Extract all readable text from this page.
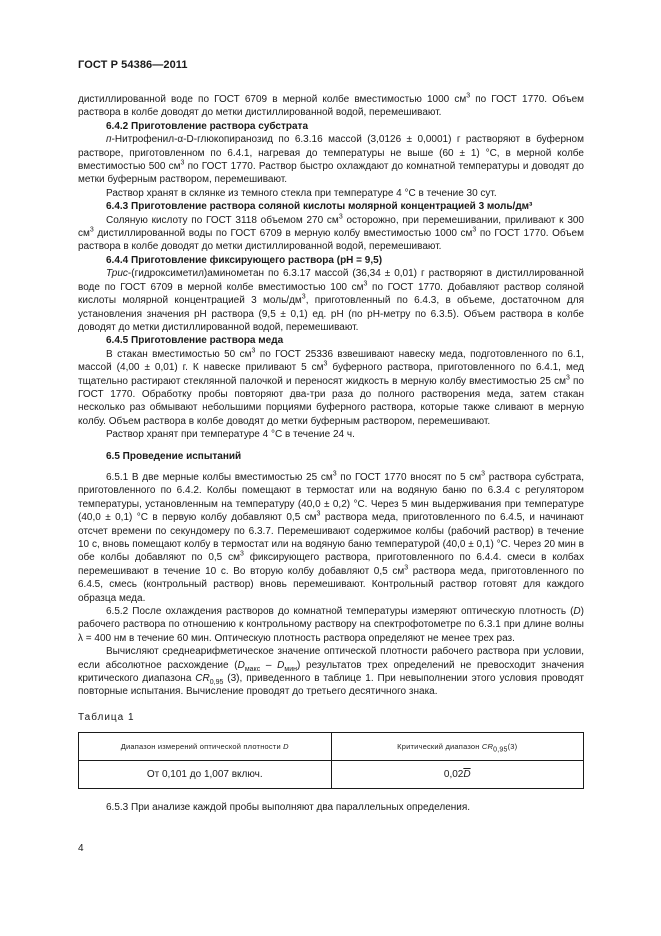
ГОСТ Р 54386—2011

дистиллированной воде по ГОСТ 6709 в мерной колбе вместимостью 1000 $см^3$ по ГОСТ 1770. Объем раствора в колбе доводят до метки дистиллированной водой, перемешивают.

6.4.2 Приготовление раствора субстрата

п-Нитрофенил-α-D-глюкопиранозид по 6.3.16 массой (3,0126 ± 0,0001) г растворяют в буферном растворе, приготовленном по 6.4.1, нагревая до температуры не выше (60 ± 1) °С, в мерной колбе вместимостью 500 $см^3$ по ГОСТ 1770. Раствор быстро охлаждают до комнатной температуры и доводят до метки буферным раствором, перемешивают.

Раствор хранят в склянке из темного стекла при температуре 4 °С в течение 30 сут.

6.4.3 Приготовление раствора соляной кислоты молярной концентрацией 3 моль/дм³

Соляную кислоту по ГОСТ 3118 объемом 270 $см^3$ осторожно, при перемешивании, приливают к 300 $см^3$ дистиллированной воды по ГОСТ 6709 в мерную колбу вместимостью 1000 $см^3$ по ГОСТ 1770. Объем раствора в колбе доводят до метки дистиллированной водой, перемешивают.

6.4.4 Приготовление фиксирующего раствора (рН = 9,5)

Трис-(гидроксиметил)аминометан по 6.3.17 массой (36,34 ± 0,01) г растворяют в дистиллированной воде по ГОСТ 6709 в мерной колбе вместимостью 100 $см^3$ по ГОСТ 1770. Добавляют раствор соляной кислоты молярной концентрацией 3 моль/$дм^3$, приготовленный по 6.4.3, в объеме, достаточном для установления значения рН раствора (9,5 ± 0,1) ед. рН (по рН-метру по 6.3.5). Объем раствора в колбе доводят до метки дистиллированной водой, перемешивают.

6.4.5 Приготовление раствора меда

В стакан вместимостью 50 $см^3$ по ГОСТ 25336 взвешивают навеску меда, подготовленного по 6.1, массой (4,00 ± 0,01) г. К навеске приливают 5 $см^3$ буферного раствора, приготовленного по 6.4.1, мед тщательно растирают стеклянной палочкой и переносят жидкость в мерную колбу вместимостью 25 $см^3$ по ГОСТ 1770. Обработку пробы повторяют два-три раза до полного растворения меда, затем стакан несколько раз обмывают небольшими порциями буферного раствора, которые также сливают в мерную колбу. Объем раствора в колбе доводят до метки буферным раствором, перемешивают.

Раствор хранят при температуре 4 °С в течение 24 ч.

6.5 Проведение испытаний

6.5.1 В две мерные колбы вместимостью 25 $см^3$ по ГОСТ 1770 вносят по 5 $см^3$ раствора субстрата, приготовленного по 6.4.2. Колбы помещают в термостат или на водяную баню по 6.3.4 с регулятором температуры, установленным на температуру (40,0 ± 0,2) °С. Через 5 мин выдерживания при температуре (40,0 ± 0,1) °С в первую колбу добавляют 0,5 $см^3$ раствора меда, приготовленного по 6.4.5, и начинают отсчет времени по секундомеру по 6.3.7. Перемешивают содержимое колбы (рабочий раствор) в течение 10 с, вновь помещают колбу в термостат или на водяную баню температурой (40,0 ± 0,1) °С. Через 20 мин в обе колбы добавляют по 0,5 $см^3$ фиксирующего раствора, приготовленного по 6.4.4. смеси в колбах перемешивают в течение 10 с. Во вторую колбу добавляют 0,5 $см^3$ раствора меда, приготовленного по 6.4.5, смесь (контрольный раствор) вновь перемешивают. Контрольный раствор готовят для каждого образца меда.

6.5.2 После охлаждения растворов до комнатной температуры измеряют оптическую плотность (D) рабочего раствора по отношению к контрольному раствору на спектрофотометре по 6.3.1 при длине волны λ = 400 нм в течение 60 мин. Оптическую плотность раствора определяют не менее трех раз.

Вычисляют среднеарифметическое значение оптической плотности рабочего раствора при условии, если абсолютное расхождение $(D_{макс} - D_{мин})$ результатов трех определений не превосходит значения критического диапазона $CR_{0,95}$ (3), приведенного в таблице 1. При невыполнении этого условия проводят повторные испытания. Вычисление проводят до третьего десятичного знака.

Таблица 1
Диапазон измерений оптической плотности D	Критический диапазон $CR_{0,95}(3)$
От 0,101 до 1,007 включ.	$0,02\overline{D}$

6.5.3 При анализе каждой пробы выполняют два параллельных определения.

4
